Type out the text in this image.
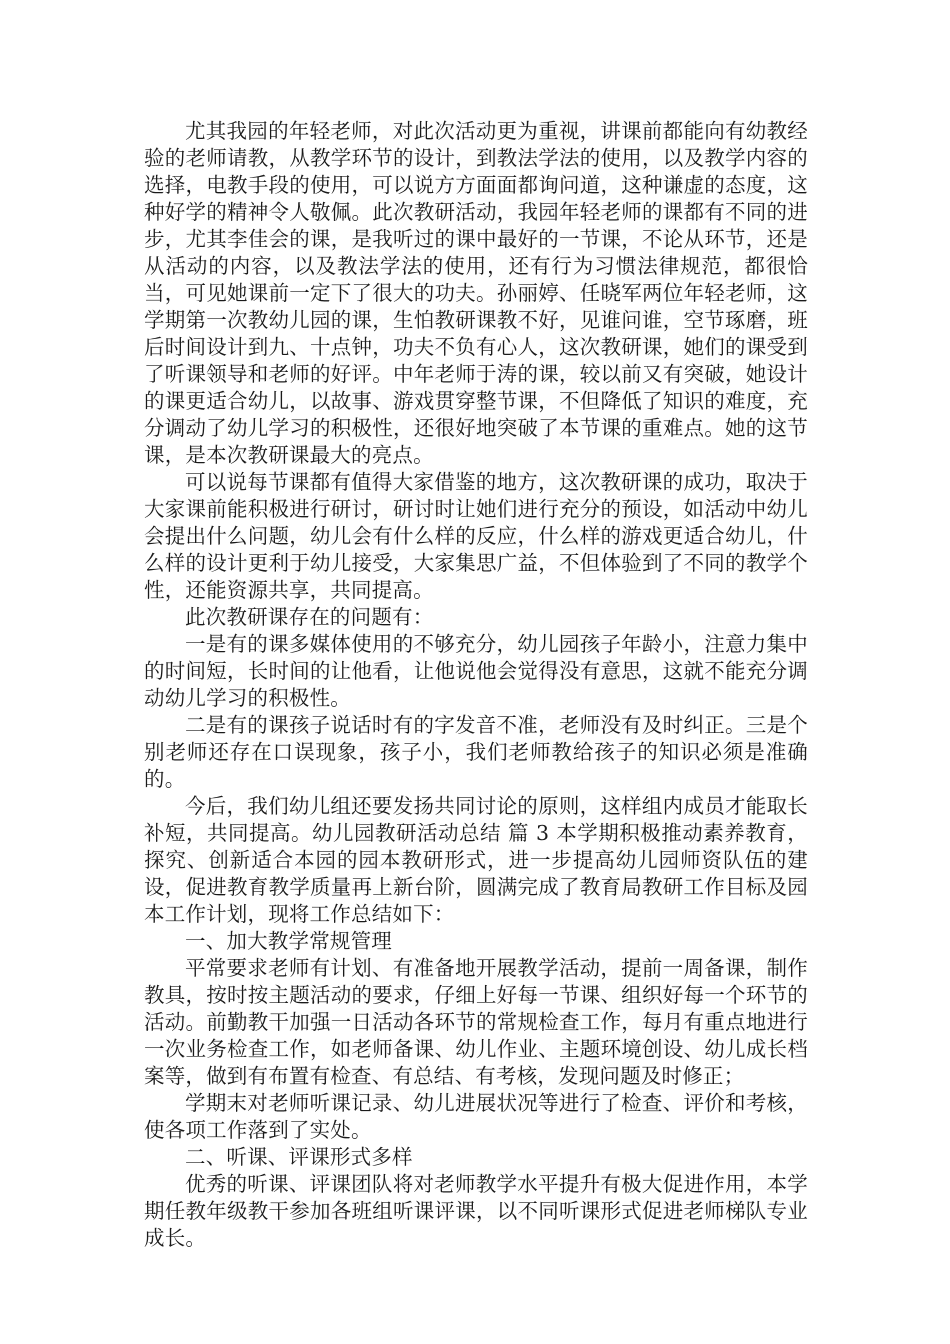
尤其我园的年轻老师，对此次活动更为重视，讲课前都能向有幼教经验的老师请教，从教学环节的设计，到教法学法的使用，以及教学内容的选择，电教手段的使用，可以说方方面面都询问道，这种谦虚的态度，这种好学的精神令人敬佩。此次教研活动，我园年轻老师的课都有不同的进步，尤其李佳会的课，是我听过的课中最好的一节课，不论从环节，还是从活动的内容，以及教法学法的使用，还有行为习惯法律规范，都很恰当，可见她课前一定下了很大的功夫。孙丽婷、任晓军两位年轻老师，这学期第一次教幼儿园的课，生怕教研课教不好，见谁问谁，空节琢磨，班后时间设计到九、十点钟，功夫不负有心人，这次教研课，她们的课受到了听课领导和老师的好评。中年老师于涛的课，较以前又有突破，她设计的课更适合幼儿，以故事、游戏贯穿整节课，不但降低了知识的难度，充分调动了幼儿学习的积极性，还很好地突破了本节课的重难点。她的这节课，是本次教研课最大的亮点。

可以说每节课都有值得大家借鉴的地方，这次教研课的成功，取决于大家课前能积极进行研讨，研讨时让她们进行充分的预设，如活动中幼儿会提出什么问题，幼儿会有什么样的反应，什么样的游戏更适合幼儿，什么样的设计更利于幼儿接受，大家集思广益，不但体验到了不同的教学个性，还能资源共享，共同提高。

此次教研课存在的问题有：

一是有的课多媒体使用的不够充分，幼儿园孩子年龄小，注意力集中的时间短，长时间的让他看，让他说他会觉得没有意思，这就不能充分调动幼儿学习的积极性。

二是有的课孩子说话时有的字发音不准，老师没有及时纠正。三是个别老师还存在口误现象，孩子小，我们老师教给孩子的知识必须是准确的。

今后，我们幼儿组还要发扬共同讨论的原则，这样组内成员才能取长补短，共同提高。幼儿园教研活动总结 篇 3 本学期积极推动素养教育，探究、创新适合本园的园本教研形式，进一步提高幼儿园师资队伍的建设，促进教育教学质量再上新台阶，圆满完成了教育局教研工作目标及园本工作计划，现将工作总结如下：

一、加大教学常规管理

平常要求老师有计划、有准备地开展教学活动，提前一周备课，制作教具，按时按主题活动的要求，仔细上好每一节课、组织好每一个环节的活动。前勤教干加强一日活动各环节的常规检查工作，每月有重点地进行一次业务检查工作，如老师备课、幼儿作业、主题环境创设、幼儿成长档案等，做到有布置有检查、有总结、有考核，发现问题及时修正；

学期末对老师听课记录、幼儿进展状况等进行了检查、评价和考核，使各项工作落到了实处。

二、听课、评课形式多样

优秀的听课、评课团队将对老师教学水平提升有极大促进作用，本学期任教年级教干参加各班组听课评课，以不同听课形式促进老师梯队专业成长。
